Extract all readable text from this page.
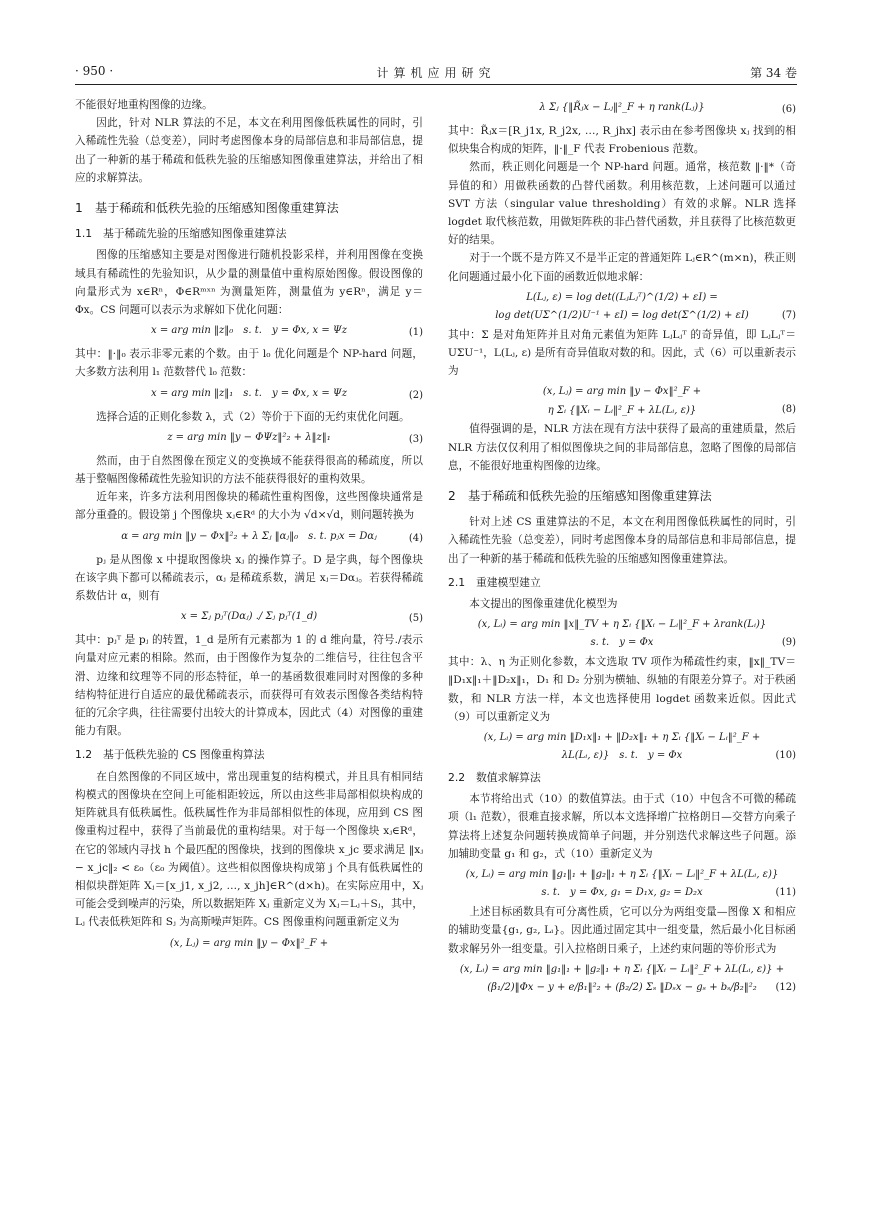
· 950 ·	计算机应用研究	第 34 卷

不能很好地重构图像的边缘。

因此，针对 NLR 算法的不足，本文在利用图像低秩属性的同时，引入稀疏性先验（总变差），同时考虑图像本身的局部信息和非局部信息，提出了一种新的基于稀疏和低秩先验的压缩感知图像重建算法，并给出了相应的求解算法。

1　基于稀疏和低秩先验的压缩感知图像重建算法
1.1　基于稀疏先验的压缩感知图像重建算法

图像的压缩感知主要是对图像进行随机投影采样，并利用图像在变换域具有稀疏性的先验知识，从少量的测量值中重构原始图像。假设图像的向量形式为 x∈Rⁿ，Φ∈Rᵐˣⁿ 为测量矩阵，测量值为 y∈Rⁿ，满足 y＝Φx。CS 问题可以表示为求解如下优化问题：

x = arg min ‖z‖₀　s. t.　y = Φx, x = Ψz	(1)

其中：‖·‖₀ 表示非零元素的个数。由于 l₀ 优化问题是个 NP-hard 问题，大多数方法利用 l₁ 范数替代 l₀ 范数：

x = arg min ‖z‖₁　s. t.　y = Φx, x = Ψz	(2)

选择合适的正则化参数 λ，式（2）等价于下面的无约束优化问题。

z = arg min ‖y − ΦΨz‖²₂ + λ‖z‖₁	(3)

然而，由于自然图像在预定义的变换域不能获得很高的稀疏度，所以基于整幅图像稀疏性先验知识的方法不能获得很好的重构效果。

近年来，许多方法利用图像块的稀疏性重构图像，这些图像块通常是部分重叠的。假设第 j 个图像块 xⱼ∈Rᵈ 的大小为 √d×√d，则问题转换为

α = arg min ‖y − Φx‖²₂ + λ Σⱼ ‖αⱼ‖₀　s. t. pⱼx = Dαⱼ	(4)

pⱼ 是从图像 x 中提取图像块 xⱼ 的操作算子。D 是字典，每个图像块在该字典下都可以稀疏表示，αⱼ 是稀疏系数，满足 xⱼ＝Dαⱼ。若获得稀疏系数估计 α，则有

x = Σⱼ pⱼᵀ(Dαⱼ) ./ Σⱼ pⱼᵀ(1_d)	(5)

其中：pⱼᵀ 是 pⱼ 的转置，1_d 是所有元素都为 1 的 d 维向量，符号./表示向量对应元素的相除。然而，由于图像作为复杂的二维信号，往往包含平滑、边缘和纹理等不同的形态特征，单一的基函数很难同时对图像的多种结构特征进行自适应的最优稀疏表示，而获得可有效表示图像各类结构特征的冗余字典，往往需要付出较大的计算成本，因此式（4）对图像的重建能力有限。

1.2　基于低秩先验的 CS 图像重构算法

在自然图像的不同区域中，常出现重复的结构模式，并且具有相同结构模式的图像块在空间上可能相距较远，所以由这些非局部相似块构成的矩阵就具有低秩属性。低秩属性作为非局部相似性的体现，应用到 CS 图像重构过程中，获得了当前最优的重构结果。对于每一个图像块 xⱼ∈Rᵈ，在它的邻域内寻找 h 个最匹配的图像块，找到的图像块 x_jc 要求满足 ‖xⱼ − x_jc‖₂ < ε₀（ε₀ 为阈值）。这些相似图像块构成第 j 个具有低秩属性的相似块群矩阵 Xⱼ＝[x_j1, x_j2, …, x_jh]∈R^(d×h)。在实际应用中，Xⱼ 可能会受到噪声的污染，所以数据矩阵 Xⱼ 重新定义为 Xⱼ＝Lⱼ＋Sⱼ，其中，Lⱼ 代表低秩矩阵和 Sⱼ 为高斯噪声矩阵。CS 图像重构问题重新定义为

(x, Lⱼ) = arg min ‖y − Φx‖²_F +
λ Σⱼ {‖R̃ⱼx − Lⱼ‖²_F + η rank(Lⱼ)}	(6)

其中：R̃ⱼx＝[R_j1x, R_j2x, …, R_jhx] 表示由在参考图像块 xⱼ 找到的相似块集合构成的矩阵，‖·‖_F 代表 Frobenious 范数。

然而，秩正则化问题是一个 NP-hard 问题。通常，核范数 ‖·‖*（奇异值的和）用做秩函数的凸替代函数。利用核范数，上述问题可以通过 SVT 方法（singular value thresholding）有效的求解。NLR 选择 logdet 取代核范数，用做矩阵秩的非凸替代函数，并且获得了比核范数更好的结果。

对于一个既不是方阵又不是半正定的普通矩阵 Lⱼ∈R^(m×n)，秩正则化问题通过最小化下面的函数近似地求解：

L(Lⱼ, ε) = log det((LⱼLⱼᵀ)^(1/2) + εI) =
log det(UΣ^(1/2)U⁻¹ + εI) = log det(Σ^(1/2) + εI)	(7)

其中：Σ 是对角矩阵并且对角元素值为矩阵 LⱼLⱼᵀ 的奇异值，即 LⱼLⱼᵀ＝UΣU⁻¹，L(Lⱼ, ε) 是所有奇异值取对数的和。因此，式（6）可以重新表示为

(x, Lⱼ) = arg min ‖y − Φx‖²_F +
η Σᵢ {‖Xᵢ − Lᵢ‖²_F + λL(Lᵢ, ε)}	(8)

值得强调的是，NLR 方法在现有方法中获得了最高的重建质量，然后 NLR 方法仅仅利用了相似图像块之间的非局部信息，忽略了图像的局部信息，不能很好地重构图像的边缘。

2　基于稀疏和低秩先验的压缩感知图像重建算法

针对上述 CS 重建算法的不足，本文在利用图像低秩属性的同时，引入稀疏性先验（总变差），同时考虑图像本身的局部信息和非局部信息，提出了一种新的基于稀疏和低秩先验的压缩感知图像重建算法。

2.1　重建模型建立

本文提出的图像重建优化模型为

(x, Lᵢ) = arg min ‖x‖_TV + η Σᵢ {‖Xᵢ − Lᵢ‖²_F + λrank(Lᵢ)}
s. t.　y = Φx	(9)

其中：λ、η 为正则化参数，本文选取 TV 项作为稀疏性约束，‖x‖_TV＝‖D₁x‖₁＋‖D₂x‖₁，D₁ 和 D₂ 分别为横轴、纵轴的有限差分算子。对于秩函数，和 NLR 方法一样，本文也选择使用 logdet 函数来近似。因此式（9）可以重新定义为

(x, Lᵢ) = arg min ‖D₁x‖₁ + ‖D₂x‖₁ + η Σᵢ {‖Xᵢ − Lᵢ‖²_F +
λL(Lᵢ, ε)}　s. t.　y = Φx	(10)
2.2　数值求解算法

本节将给出式（10）的数值算法。由于式（10）中包含不可微的稀疏项（l₁ 范数），很难直接求解，所以本文选择增广拉格朗日—交替方向乘子算法将上述复杂问题转换成简单子问题，并分别迭代求解这些子问题。添加辅助变量 g₁ 和 g₂，式（10）重新定义为

(x, Lᵢ) = arg min ‖g₁‖₁ + ‖g₂‖₁ + η Σᵢ {‖Xᵢ − Lᵢ‖²_F + λL(Lᵢ, ε)}
s. t.　y = Φx, g₁ = D₁x, g₂ = D₂x	(11)

上述目标函数具有可分离性质，它可以分为两组变量—图像 X 和相应的辅助变量{g₁, g₂, Lᵢ}。因此通过固定其中一组变量，然后最小化目标函数求解另外一组变量。引入拉格朗日乘子，上述约束问题的等价形式为

(x, Lᵢ) = arg min ‖g₁‖₁ + ‖g₂‖₁ + η Σᵢ {‖Xᵢ − Lᵢ‖²_F + λL(Lᵢ, ε)} +
(β₁/2)‖Φx − y + e/β₁‖²₂ + (β₂/2) Σₛ ‖Dₛx − gₛ + bₛ/β₂‖²₂	(12)
